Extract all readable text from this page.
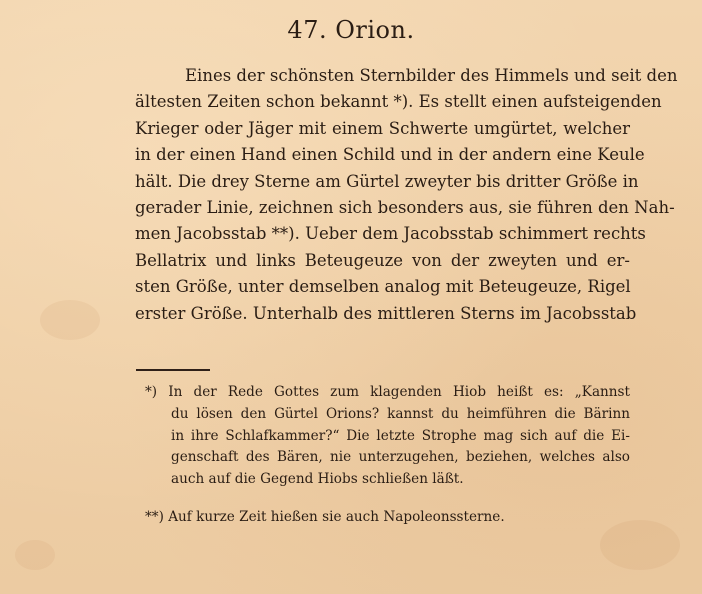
47. Orion.
Eines der schönsten Sternbilder des Himmels und seit den
ältesten Zeiten schon bekannt *). Es stellt einen aufsteigenden
Krieger oder Jäger mit einem Schwerte umgürtet, welcher
in der einen Hand einen Schild und in der andern eine Keule
hält. Die drey Sterne am Gürtel zweyter bis dritter Größe in
gerader Linie, zeichnen sich besonders aus, sie führen den Nah-
men Jacobsstab **). Ueber dem Jacobsstab schimmert rechts
Bellatrix und links Beteugeuze von der zweyten und er-
sten Größe, unter demselben analog mit Beteugeuze, Rigel
erster Größe. Unterhalb des mittleren Sterns im Jacobsstab
*) In der Rede Gottes zum klagenden Hiob heißt es: „Kannst
du lösen den Gürtel Orions? kannst du heimführen die Bärinn
in ihre Schlafkammer?“ Die letzte Strophe mag sich auf die Ei-
genschaft des Bären, nie unterzugehen, beziehen, welches also
auch auf die Gegend Hiobs schließen läßt.
**) Auf kurze Zeit hießen sie auch Napoleonssterne.
